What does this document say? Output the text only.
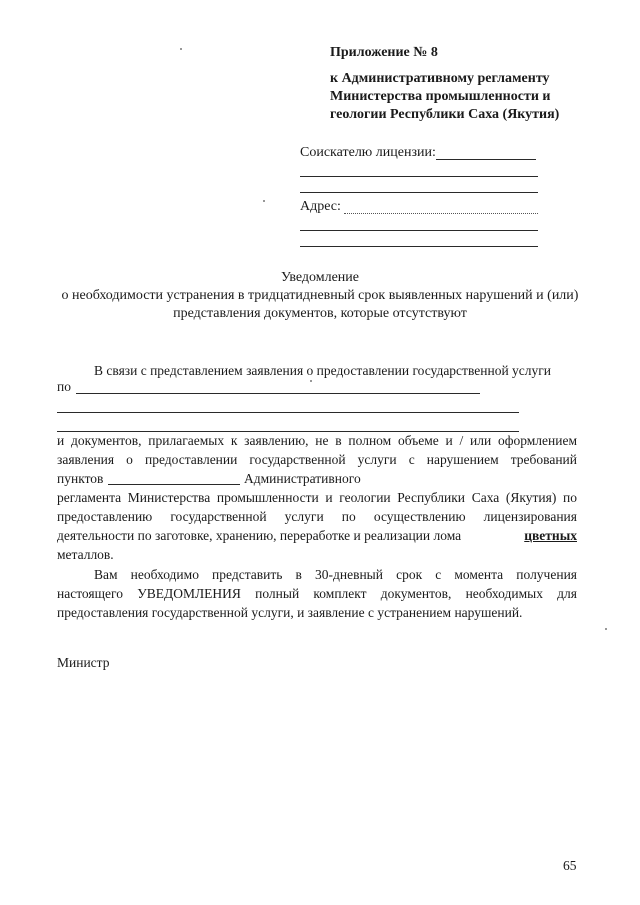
Приложение № 8
к Административному регламенту
Министерства промышленности и
геологии Республики Саха (Якутия)
Соискателю лицензии:
Адрес:
Уведомление
о необходимости устранения в тридцатидневный срок выявленных нарушений и (или)
представления документов, которые отсутствуют
В связи с представлением заявления о предоставлении государственной услуги
по
и документов, прилагаемых к заявлению, не в полном объеме и / или оформлением
заявления о предоставлении государственной услуги с нарушением требований
пунктов	Административного
регламента Министерства промышленности и геологии Республики Саха (Якутия) по
предоставлению государственной услуги по осуществлению лицензирования
деятельности по заготовке, хранению, переработке и реализации лома	цветных
металлов.
Вам необходимо представить в 30-дневный срок с момента получения
настоящего УВЕДОМЛЕНИЯ полный комплект документов, необходимых для
предоставления государственной услуги, и заявление с устранением нарушений.
Министр
65
